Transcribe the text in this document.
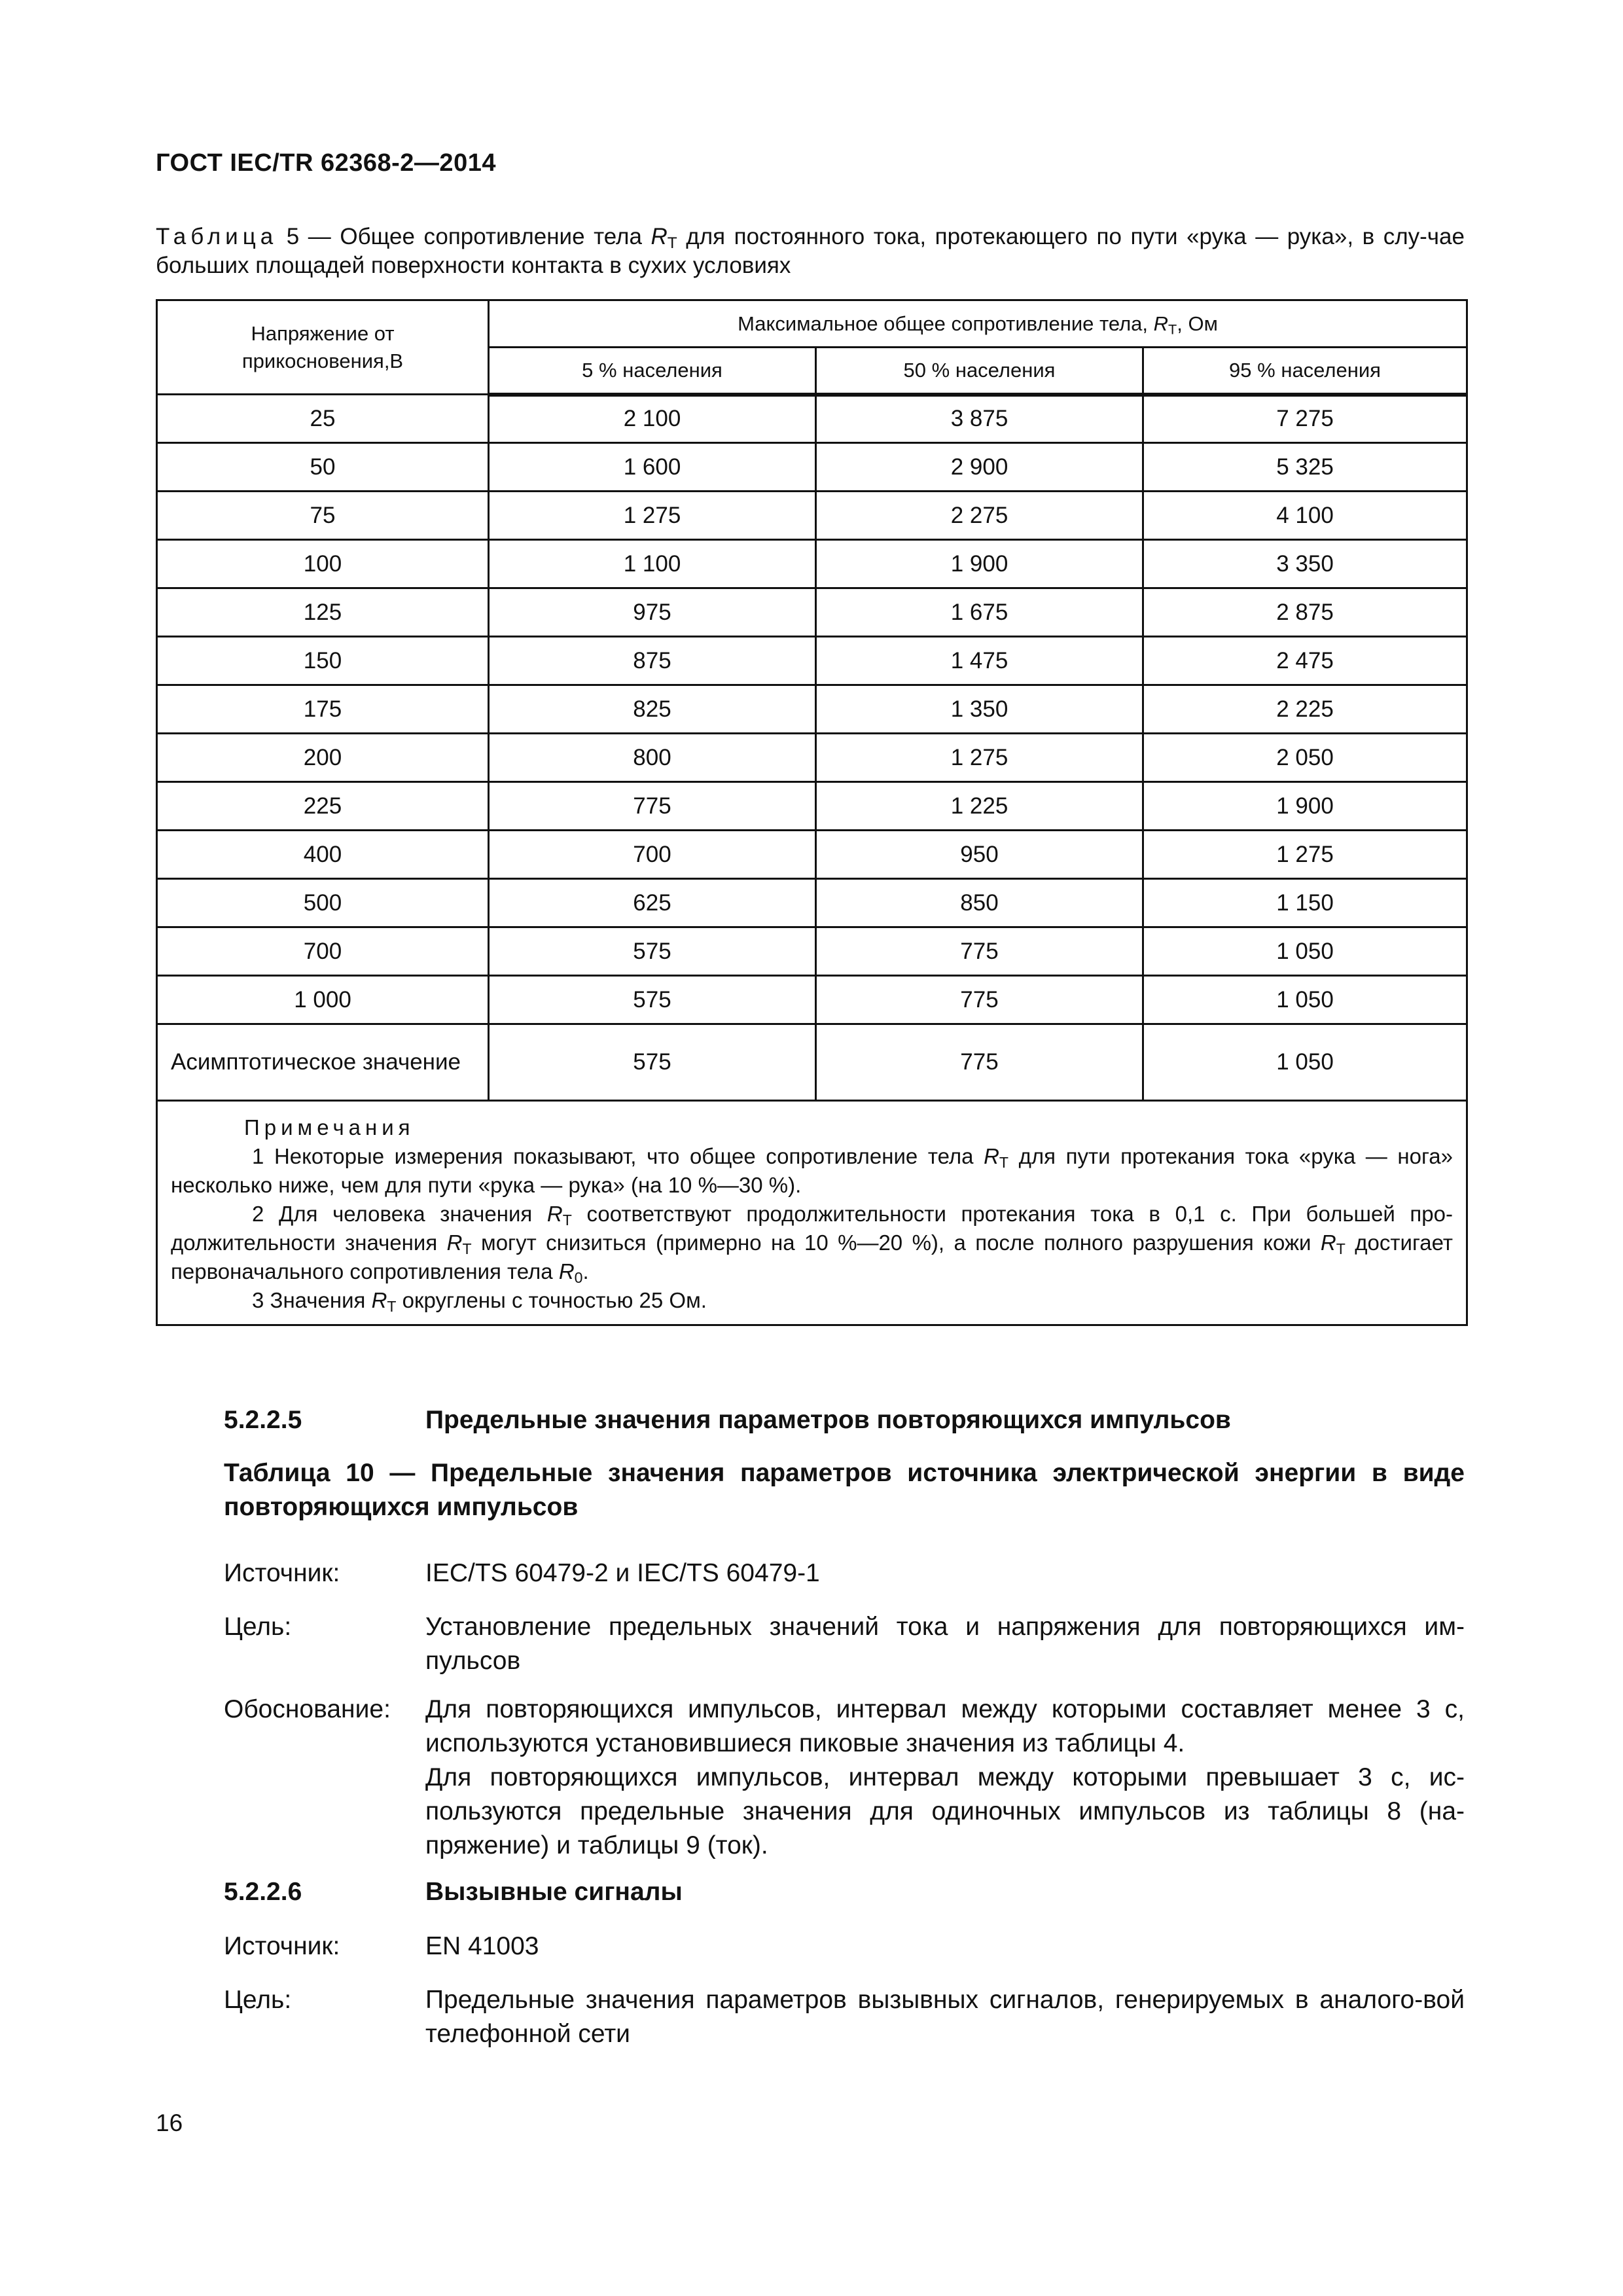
ГОСТ IEC/TR 62368-2—2014
Таблица 5 — Общее сопротивление тела $R_T$ для постоянного тока, протекающего по пути «рука — рука», в слу-чае больших площадей поверхности контакта в сухих условиях
Напряжение от прикосновения,В	Максимальное общее сопротивление тела, $R_T$, Ом		
	5 % населения	50 % населения	95 % населения
25	2 100	3 875	7 275
50	1 600	2 900	5 325
75	1 275	2 275	4 100
100	1 100	1 900	3 350
125	975	1 675	2 875
150	875	1 475	2 475
175	825	1 350	2 225
200	800	1 275	2 050
225	775	1 225	1 900
400	700	950	1 275
500	625	850	1 150
700	575	775	1 050
1 000	575	775	1 050
Асимптотическое значение	575	775	1 050

Примечания
1 Некоторые измерения показывают, что общее сопротивление тела $R_T$ для пути протекания тока «рука — нога» несколько ниже, чем для пути «рука — рука» (на 10 %—30 %).
2 Для человека значения $R_T$ соответствуют продолжительности протекания тока в 0,1 с. При большей про-должительности значения $R_T$ могут снизиться (примерно на 10 %—20 %), а после полного разрушения кожи $R_T$ достигает первоначального сопротивления тела $R_0$.
3 Значения $R_T$ округлены с точностью 25 Ом.			
5.2.2.5	Предельные значения параметров повторяющихся импульсов
Таблица 10 — Предельные значения параметров источника электрической энергии в виде повторяющихся импульсов
Источник:	IEC/TS 60479-2 и IEC/TS 60479-1
Цель:	Установление предельных значений тока и напряжения для повторяющихся им-пульсов
Обоснование: Для повторяющихся импульсов, интервал между которыми составляет менее 3 с, используются установившиеся пиковые значения из таблицы 4.
Для повторяющихся импульсов, интервал между которыми превышает 3 с, ис-пользуются предельные значения для одиночных импульсов из таблицы 8 (на-пряжение) и таблицы 9 (ток).
5.2.2.6	Вызывные сигналы
Источник:	EN 41003
Цель:	Предельные значения параметров вызывных сигналов, генерируемых в аналого-вой телефонной сети
16
